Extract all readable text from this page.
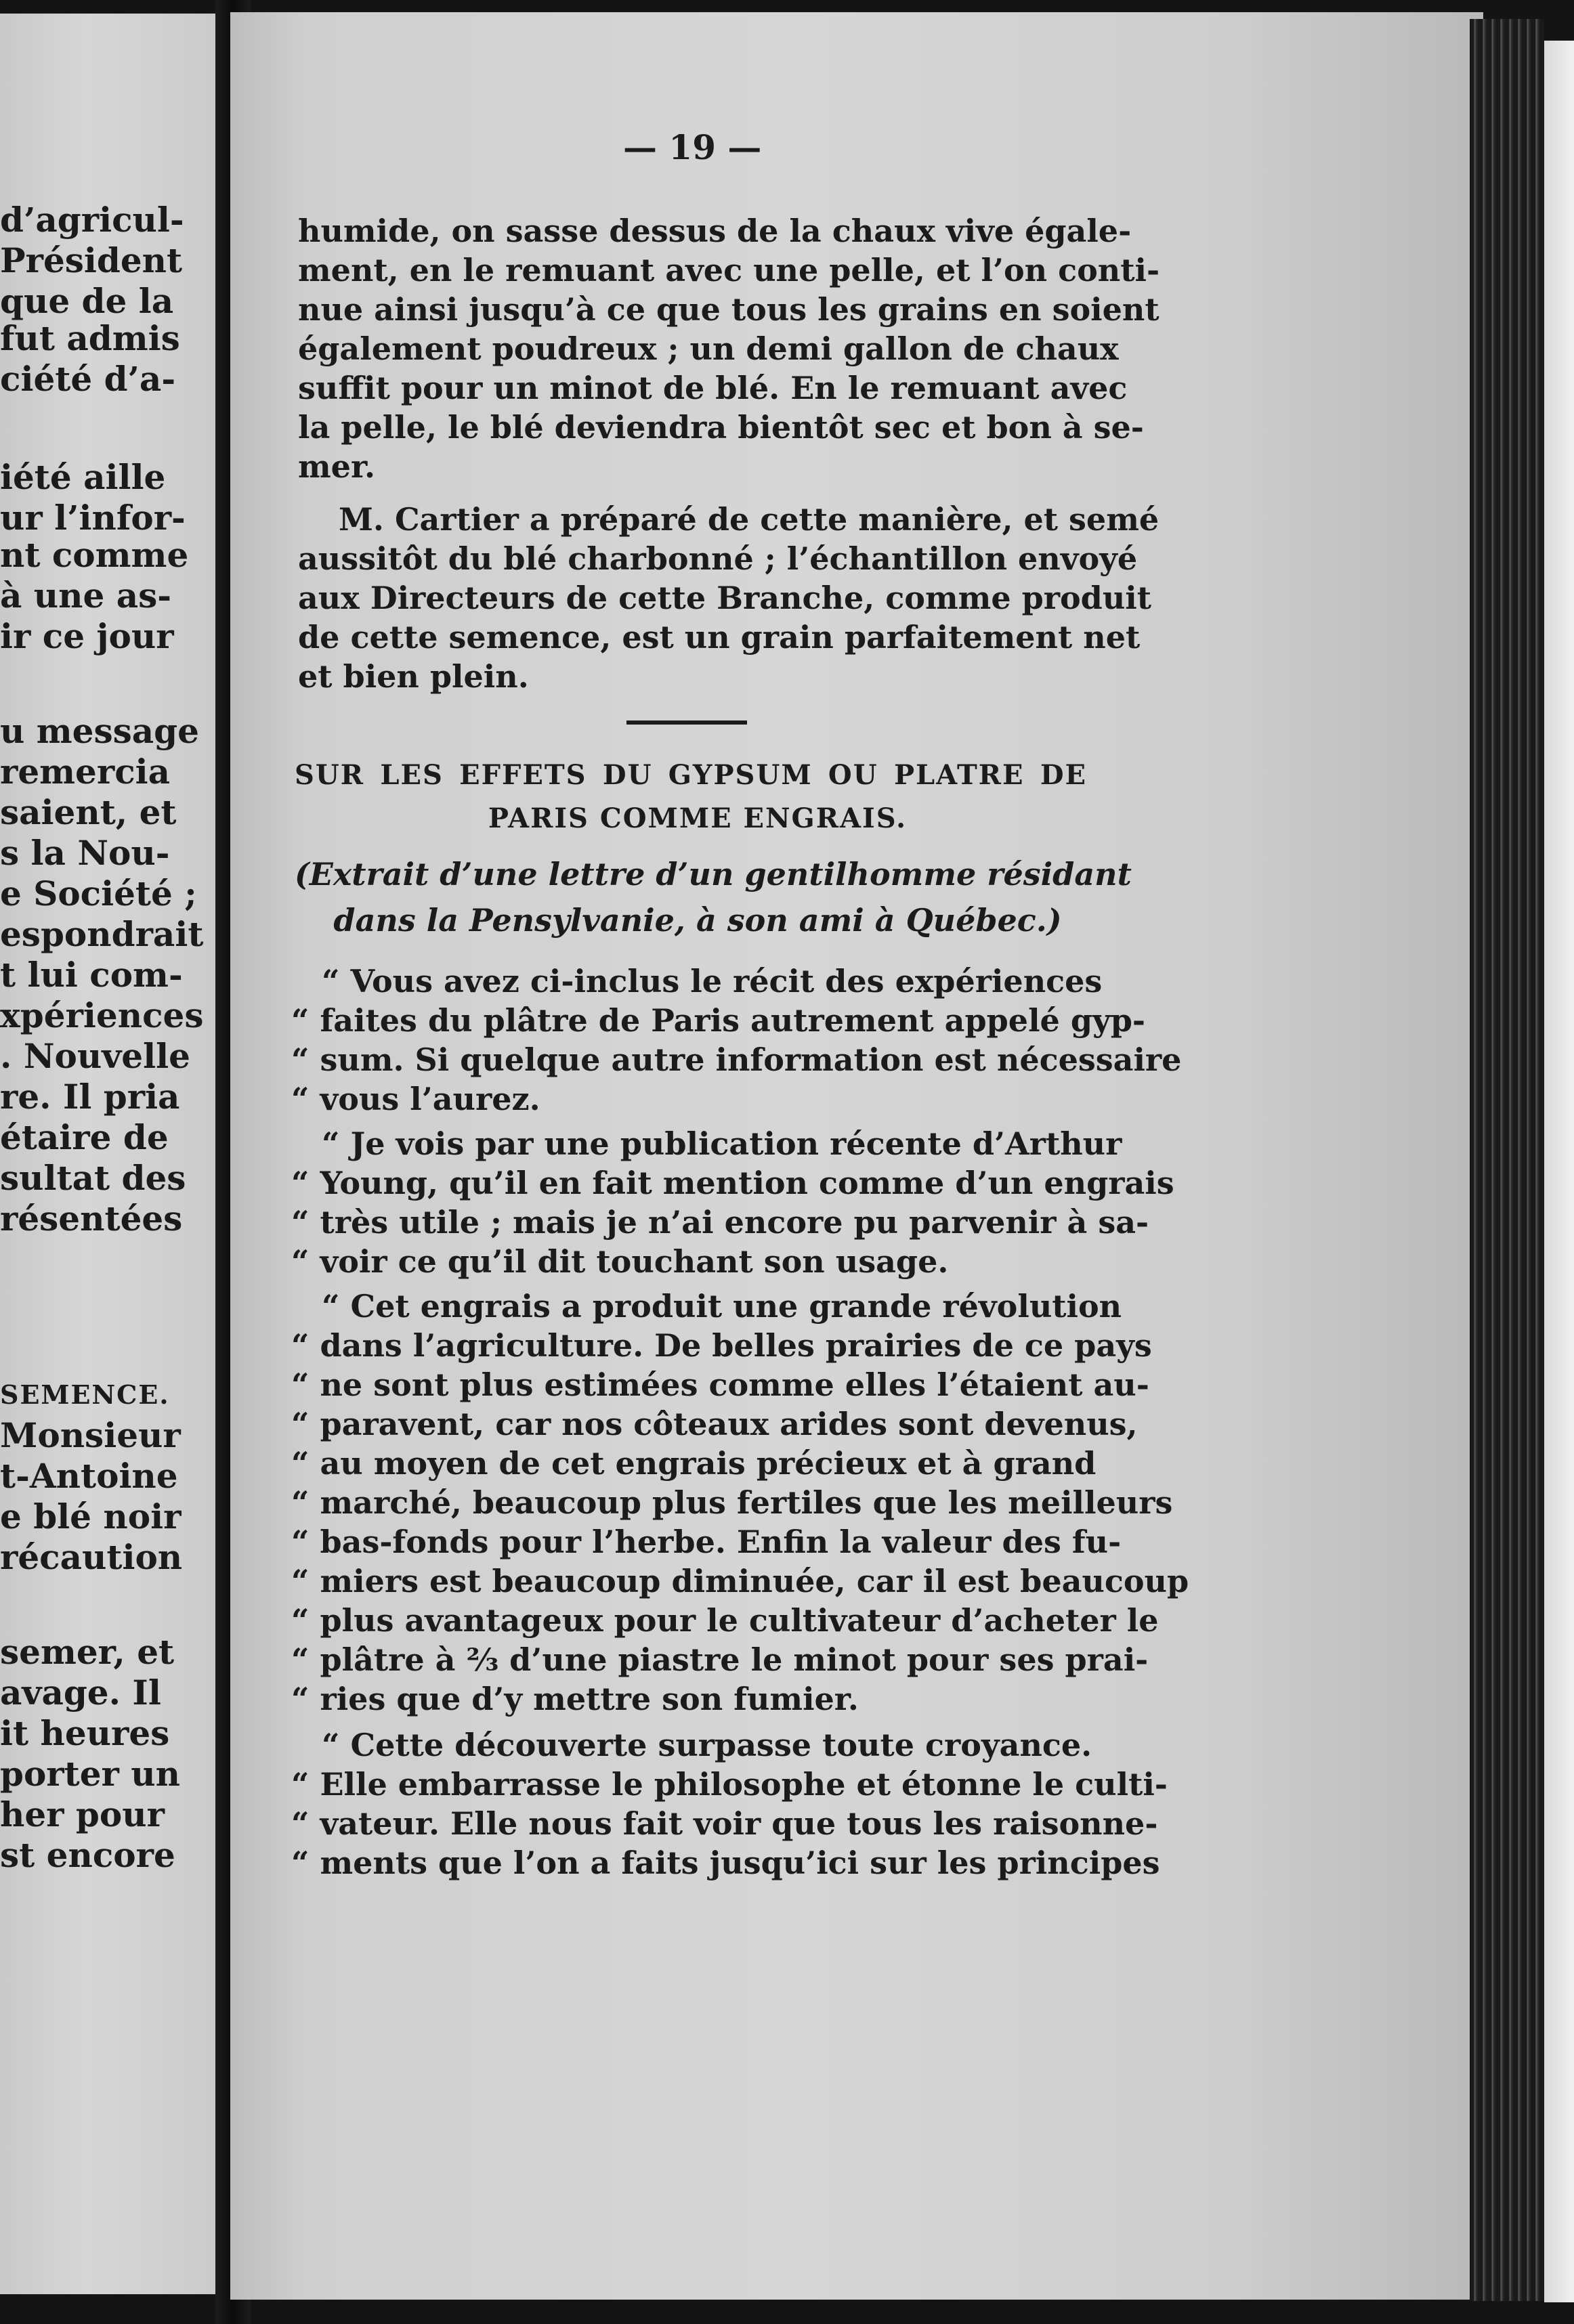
d’agricul-
Président
que de la
fut admis
ciété d’a-
iété aille
ur l’infor-
nt comme
à une as-
ir ce jour
u message
remercia
saient, et
s la Nou-
e Société ;
espondrait
t lui com-
xpériences
. Nouvelle
re. Il pria
étaire de
sultat des
résentées
SEMENCE.
Monsieur
t-Antoine
e blé noir
récaution
semer, et
avage. Il
it heures
porter un
her pour
st encore
— 19 —
humide, on sasse dessus de la chaux vive égale-
ment, en le remuant avec une pelle, et l’on conti-
nue ainsi jusqu’à ce que tous les grains en soient
également poudreux ; un demi gallon de chaux
suffit pour un minot de blé. En le remuant avec
la pelle, le blé deviendra bientôt sec et bon à se-
mer.
M. Cartier a préparé de cette manière, et semé
aussitôt du blé charbonné ; l’échantillon envoyé
aux Directeurs de cette Branche, comme produit
de cette semence, est un grain parfaitement net
et bien plein.
SUR LES EFFETS DU GYPSUM OU PLATRE DE
PARIS COMME ENGRAIS.
(Extrait d’une lettre d’un gentilhomme résidant
dans la Pensylvanie, à son ami à Québec.)
“ Vous avez ci-inclus le récit des expériences
“ faites du plâtre de Paris autrement appelé gyp-
“ sum. Si quelque autre information est nécessaire
“ vous l’aurez.
“ Je vois par une publication récente d’Arthur
“ Young, qu’il en fait mention comme d’un engrais
“ très utile ; mais je n’ai encore pu parvenir à sa-
“ voir ce qu’il dit touchant son usage.
“ Cet engrais a produit une grande révolution
“ dans l’agriculture. De belles prairies de ce pays
“ ne sont plus estimées comme elles l’étaient au-
“ paravent, car nos côteaux arides sont devenus,
“ au moyen de cet engrais précieux et à grand
“ marché, beaucoup plus fertiles que les meilleurs
“ bas-fonds pour l’herbe. Enfin la valeur des fu-
“ miers est beaucoup diminuée, car il est beaucoup
“ plus avantageux pour le cultivateur d’acheter le
“ plâtre à ⅔ d’une piastre le minot pour ses prai-
“ ries que d’y mettre son fumier.
“ Cette découverte surpasse toute croyance.
“ Elle embarrasse le philosophe et étonne le culti-
“ vateur. Elle nous fait voir que tous les raisonne-
“ ments que l’on a faits jusqu’ici sur les principes
